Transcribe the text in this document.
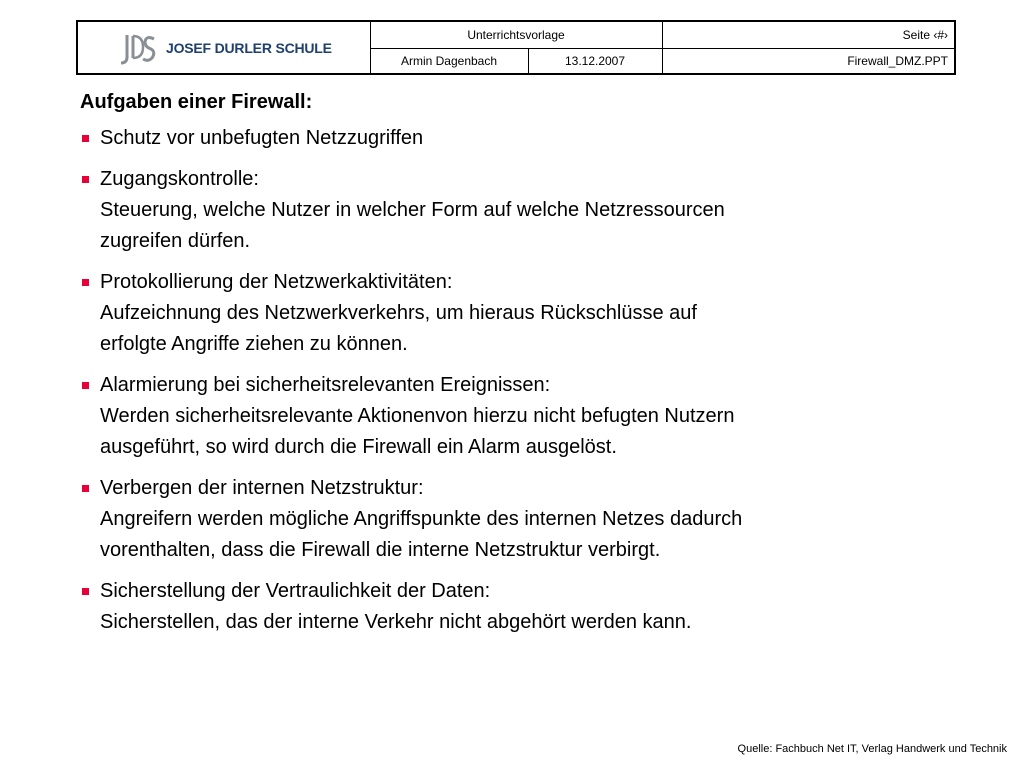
JOSEF DURLER SCHULE
Unterrichtsvorlage	Seite ‹#›
Armin Dagenbach	13.12.2007	Firewall_DMZ.PPT
Aufgaben einer Firewall:
Schutz vor unbefugten Netzzugriffen
Zugangskontrolle:
Steuerung, welche Nutzer in welcher Form auf welche Netzressourcen
zugreifen dürfen.
Protokollierung der Netzwerkaktivitäten:
Aufzeichnung des Netzwerkverkehrs, um hieraus Rückschlüsse auf
erfolgte Angriffe ziehen zu können.
Alarmierung bei sicherheitsrelevanten Ereignissen:
Werden sicherheitsrelevante Aktionenvon hierzu nicht befugten Nutzern
ausgeführt, so wird durch die Firewall ein Alarm ausgelöst.
Verbergen der internen Netzstruktur:
Angreifern werden mögliche Angriffspunkte des internen Netzes dadurch
vorenthalten, dass die Firewall die interne Netzstruktur verbirgt.
Sicherstellung der Vertraulichkeit der Daten:
Sicherstellen, das der interne Verkehr nicht abgehört werden kann.
Quelle: Fachbuch Net IT, Verlag Handwerk und Technik
